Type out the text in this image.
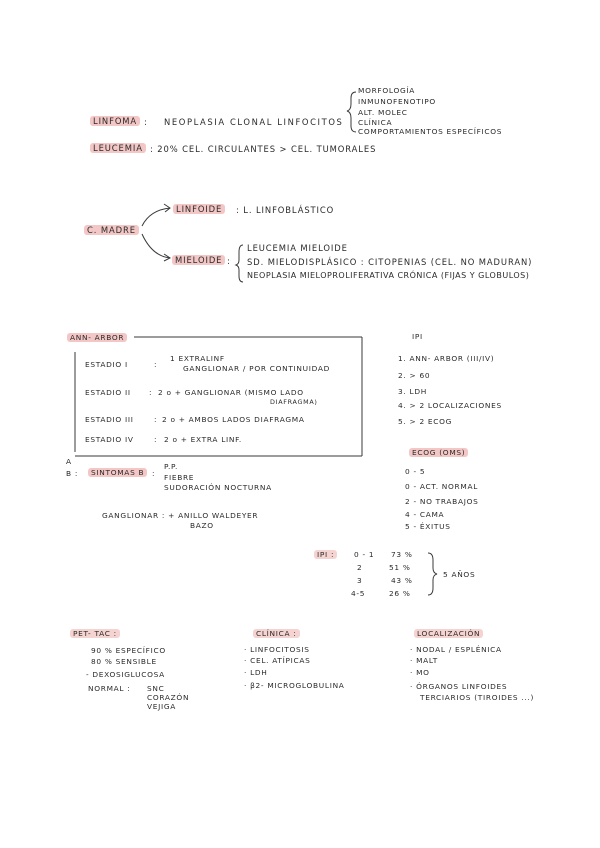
LINFOMA : NEOPLASIA CLONAL LINFOCITOS
MORFOLOGÍA
INMUNOFENOTIPO
ALT. MOLEC
CLÍNICA
COMPORTAMIENTOS ESPECÍFICOS
LEUCEMIA : 20% CEL. CIRCULANTES > CEL. TUMORALES
C. MADRE
LINFOIDE	: L. LINFOBLÁSTICO
MIELOIDE :
LEUCEMIA MIELOIDE
SD. MIELODISPLÁSICO : CITOPENIAS (CEL. NO MADURAN)
NEOPLASIA MIELOPROLIFERATIVA CRÓNICA (FIJAS Y GLOBULOS)
ANN- ARBOR
ESTADIO I	:
1 EXTRALINF
GANGLIONAR / POR CONTINUIDAD
ESTADIO II : 2 o + GANGLIONAR (MISMO LADO
DIAFRAGMA)
ESTADIO III	: 2 o + AMBOS LADOS DIAFRAGMA
ESTADIO IV	: 2 o + EXTRA LINF.
A
B :	SINTOMAS B	:
P.P.
FIEBRE
SUDORACIÓN NOCTURNA
GANGLIONAR : + ANILLO WALDEYER
BAZO
IPI
1. ANN- ARBOR (III/IV)
2. > 60
3. LDH
4. > 2 LOCALIZACIONES
5. > 2 ECOG
ECOG (OMS)
0 - 5
0 - ACT. NORMAL
2 - NO TRABAJOS
4 - CAMA
5 - ÉXITUS
IPI :	0 - 1 73 %
2	51 %
3	43 %
4-5	26 %
5 AÑOS
PET- TAC :
90 % ESPECÍFICO
80 % SENSIBLE
- DEXOSIGLUCOSA
NORMAL : SNC
CORAZÓN
VEJIGA
CLÍNICA :
· LINFOCITOSIS
· CEL. ATÍPICAS
· LDH
· β2- MICROGLOBULINA
LOCALIZACIÓN
· NODAL / ESPLÉNICA
· MALT
· MO
· ÓRGANOS LINFOIDES
TERCIARIOS (TIROIDES ...)
